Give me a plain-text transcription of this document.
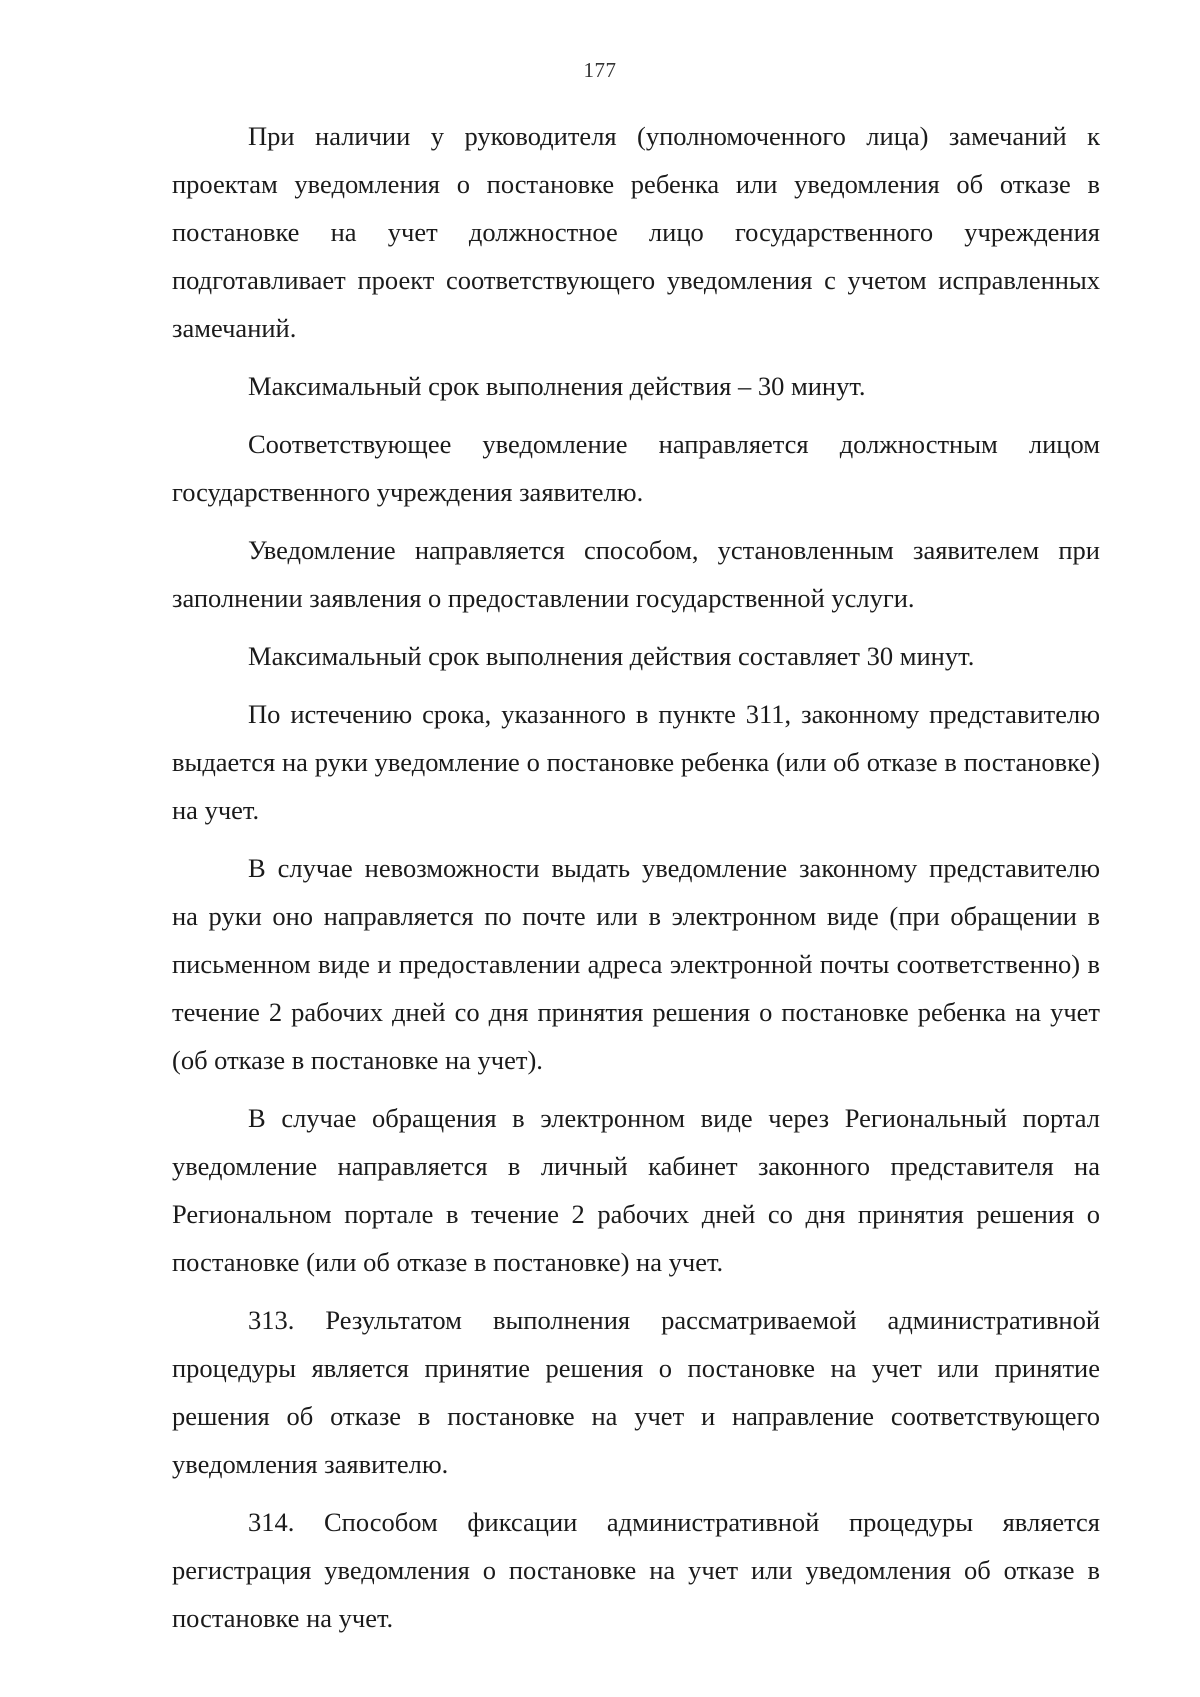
177

При наличии у руководителя (уполномоченного лица) замечаний к проектам уведомления о постановке ребенка или уведомления об отказе в постановке на учет должностное лицо государственного учреждения подготавливает проект соответствующего уведомления с учетом исправленных замечаний.

Максимальный срок выполнения действия – 30 минут.

Соответствующее уведомление направляется должностным лицом государственного учреждения заявителю.

Уведомление направляется способом, установленным заявителем при заполнении заявления о предоставлении государственной услуги.

Максимальный срок выполнения действия составляет 30 минут.

По истечению срока, указанного в пункте 311, законному представителю выдается на руки уведомление о постановке ребенка (или об отказе в постановке) на учет.

В случае невозможности выдать уведомление законному представителю на руки оно направляется по почте или в электронном виде (при обращении в письменном виде и предоставлении адреса электронной почты соответственно) в течение 2 рабочих дней со дня принятия решения о постановке ребенка на учет (об отказе в постановке на учет).

В случае обращения в электронном виде через Региональный портал уведомление направляется в личный кабинет законного представителя на Региональном портале в течение 2 рабочих дней со дня принятия решения о постановке (или об отказе в постановке) на учет.

313. Результатом выполнения рассматриваемой административной процедуры является принятие решения о постановке на учет или принятие решения об отказе в постановке на учет и направление соответствующего уведомления заявителю.

314. Способом фиксации административной процедуры является регистрация уведомления о постановке на учет или уведомления об отказе в постановке на учет.
